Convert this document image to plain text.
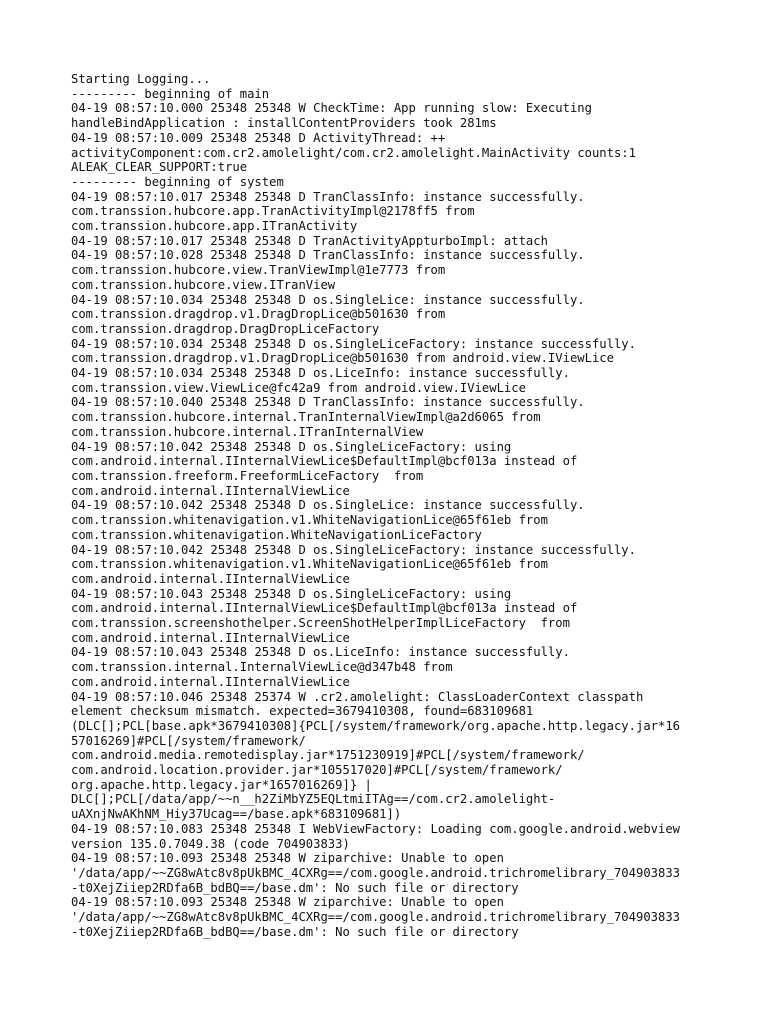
Starting Logging...
--------- beginning of main
04-19 08:57:10.000 25348 25348 W CheckTime: App running slow: Executing
handleBindApplication : installContentProviders took 281ms
04-19 08:57:10.009 25348 25348 D ActivityThread: ++
activityComponent:com.cr2.amolelight/com.cr2.amolelight.MainActivity counts:1
ALEAK_CLEAR_SUPPORT:true
--------- beginning of system
04-19 08:57:10.017 25348 25348 D TranClassInfo: instance successfully.
com.transsion.hubcore.app.TranActivityImpl@2178ff5 from
com.transsion.hubcore.app.ITranActivity
04-19 08:57:10.017 25348 25348 D TranActivityAppturboImpl: attach
04-19 08:57:10.028 25348 25348 D TranClassInfo: instance successfully.
com.transsion.hubcore.view.TranViewImpl@1e7773 from
com.transsion.hubcore.view.ITranView
04-19 08:57:10.034 25348 25348 D os.SingleLice: instance successfully.
com.transsion.dragdrop.v1.DragDropLice@b501630 from
com.transsion.dragdrop.DragDropLiceFactory
04-19 08:57:10.034 25348 25348 D os.SingleLiceFactory: instance successfully.
com.transsion.dragdrop.v1.DragDropLice@b501630 from android.view.IViewLice
04-19 08:57:10.034 25348 25348 D os.LiceInfo: instance successfully.
com.transsion.view.ViewLice@fc42a9 from android.view.IViewLice
04-19 08:57:10.040 25348 25348 D TranClassInfo: instance successfully.
com.transsion.hubcore.internal.TranInternalViewImpl@a2d6065 from
com.transsion.hubcore.internal.ITranInternalView
04-19 08:57:10.042 25348 25348 D os.SingleLiceFactory: using
com.android.internal.IInternalViewLice$DefaultImpl@bcf013a instead of
com.transsion.freeform.FreeformLiceFactory  from
com.android.internal.IInternalViewLice
04-19 08:57:10.042 25348 25348 D os.SingleLice: instance successfully.
com.transsion.whitenavigation.v1.WhiteNavigationLice@65f61eb from
com.transsion.whitenavigation.WhiteNavigationLiceFactory
04-19 08:57:10.042 25348 25348 D os.SingleLiceFactory: instance successfully.
com.transsion.whitenavigation.v1.WhiteNavigationLice@65f61eb from
com.android.internal.IInternalViewLice
04-19 08:57:10.043 25348 25348 D os.SingleLiceFactory: using
com.android.internal.IInternalViewLice$DefaultImpl@bcf013a instead of
com.transsion.screenshothelper.ScreenShotHelperImplLiceFactory  from
com.android.internal.IInternalViewLice
04-19 08:57:10.043 25348 25348 D os.LiceInfo: instance successfully.
com.transsion.internal.InternalViewLice@d347b48 from
com.android.internal.IInternalViewLice
04-19 08:57:10.046 25348 25374 W .cr2.amolelight: ClassLoaderContext classpath
element checksum mismatch. expected=3679410308, found=683109681
(DLC[];PCL[base.apk*3679410308]{PCL[/system/framework/org.apache.http.legacy.jar*16
57016269]#PCL[/system/framework/
com.android.media.remotedisplay.jar*1751230919]#PCL[/system/framework/
com.android.location.provider.jar*105517020]#PCL[/system/framework/
org.apache.http.legacy.jar*1657016269]} |
DLC[];PCL[/data/app/~~n__h2ZiMbYZ5EQLtmiITAg==/com.cr2.amolelight-
uAXnjNwAKhNM_Hiy37Ucag==/base.apk*683109681])
04-19 08:57:10.083 25348 25348 I WebViewFactory: Loading com.google.android.webview
version 135.0.7049.38 (code 704903833)
04-19 08:57:10.093 25348 25348 W ziparchive: Unable to open
'/data/app/~~ZG8wAtc8v8pUkBMC_4CXRg==/com.google.android.trichromelibrary_704903833
-t0XejZiiep2RDfa6B_bdBQ==/base.dm': No such file or directory
04-19 08:57:10.093 25348 25348 W ziparchive: Unable to open
'/data/app/~~ZG8wAtc8v8pUkBMC_4CXRg==/com.google.android.trichromelibrary_704903833
-t0XejZiiep2RDfa6B_bdBQ==/base.dm': No such file or directory
